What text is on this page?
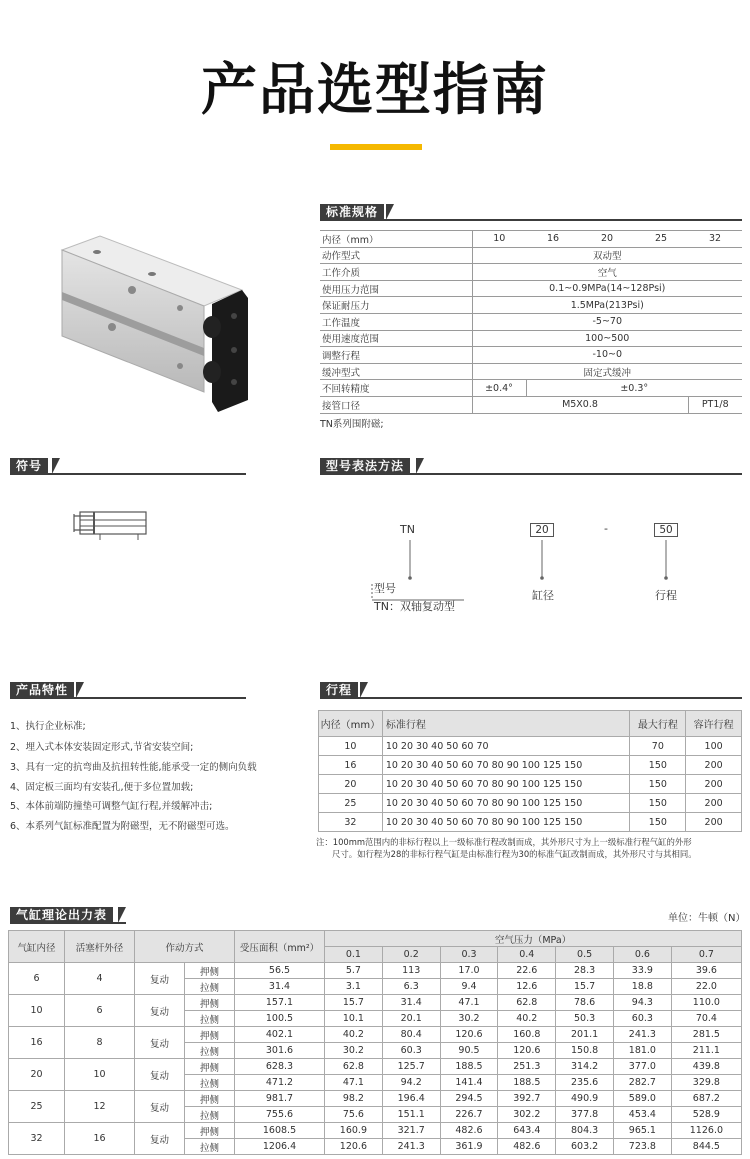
产品选型指南
标准规格
内径（mm）	10	16	20	25	32
动作型式	双动型				
工作介质	空气				
使用压力范围	0.1~0.9MPa(14~128Psi)				
保证耐压力	1.5MPa(213Psi)				
工作温度	-5~70				
使用速度范围	100~500				
调整行程	-10~0				
缓冲型式	固定式缓冲				
不回转精度	±0.4°	±0.3°			
接管口径	M5X0.8				PT1/8
TN系列围附磁;
符号	型号表法方法
TN	20	-	50
型号
TN：双轴复动型
缸径	行程
产品特性
1、执行企业标准;
2、埋入式本体安装固定形式,节省安装空间;
3、具有一定的抗弯曲及抗扭转性能,能承受一定的侧向负载
4、固定板三面均有安装孔,便于多位置加载;
5、本体前端防撞垫可调整气缸行程,并缓解冲击;
6、本系列气缸标准配置为附磁型，无不附磁型可选。
行程
内径（mm）	标准行程	最大行程	容许行程
10	10 20 30 40 50 60 70	70	100
16	10 20 30 40 50 60 70 80 90 100 125 150	150	200
20	10 20 30 40 50 60 70 80 90 100 125 150	150	200
25	10 20 30 40 50 60 70 80 90 100 125 150	150	200
32	10 20 30 40 50 60 70 80 90 100 125 150	150	200
注：100mm范围内的非标行程以上一级标准行程改制而成，其外形尺寸为上一级标准行程气缸的外形
尺寸。如行程为28的非标行程气缸是由标准行程为30的标准气缸改制而成，其外形尺寸与其相同。
气缸理论出力表	单位：牛顿（N）
气缸内径	活塞杆外径	作动方式		受压面积（mm²）	空气压力（MPa）						
					0.1	0.2	0.3	0.4	0.5	0.6	0.7
6	4	复动	押侧	56.5	5.7	113	17.0	22.6	28.3	33.9	39.6
			拉侧	31.4	3.1	6.3	9.4	12.6	15.7	18.8	22.0
10	6	复动	押侧	157.1	15.7	31.4	47.1	62.8	78.6	94.3	110.0
			拉侧	100.5	10.1	20.1	30.2	40.2	50.3	60.3	70.4
16	8	复动	押侧	402.1	40.2	80.4	120.6	160.8	201.1	241.3	281.5
			拉侧	301.6	30.2	60.3	90.5	120.6	150.8	181.0	211.1
20	10	复动	押侧	628.3	62.8	125.7	188.5	251.3	314.2	377.0	439.8
			拉侧	471.2	47.1	94.2	141.4	188.5	235.6	282.7	329.8
25	12	复动	押侧	981.7	98.2	196.4	294.5	392.7	490.9	589.0	687.2
			拉侧	755.6	75.6	151.1	226.7	302.2	377.8	453.4	528.9
32	16	复动	押侧	1608.5	160.9	321.7	482.6	643.4	804.3	965.1	1126.0
			拉侧	1206.4	120.6	241.3	361.9	482.6	603.2	723.8	844.5
